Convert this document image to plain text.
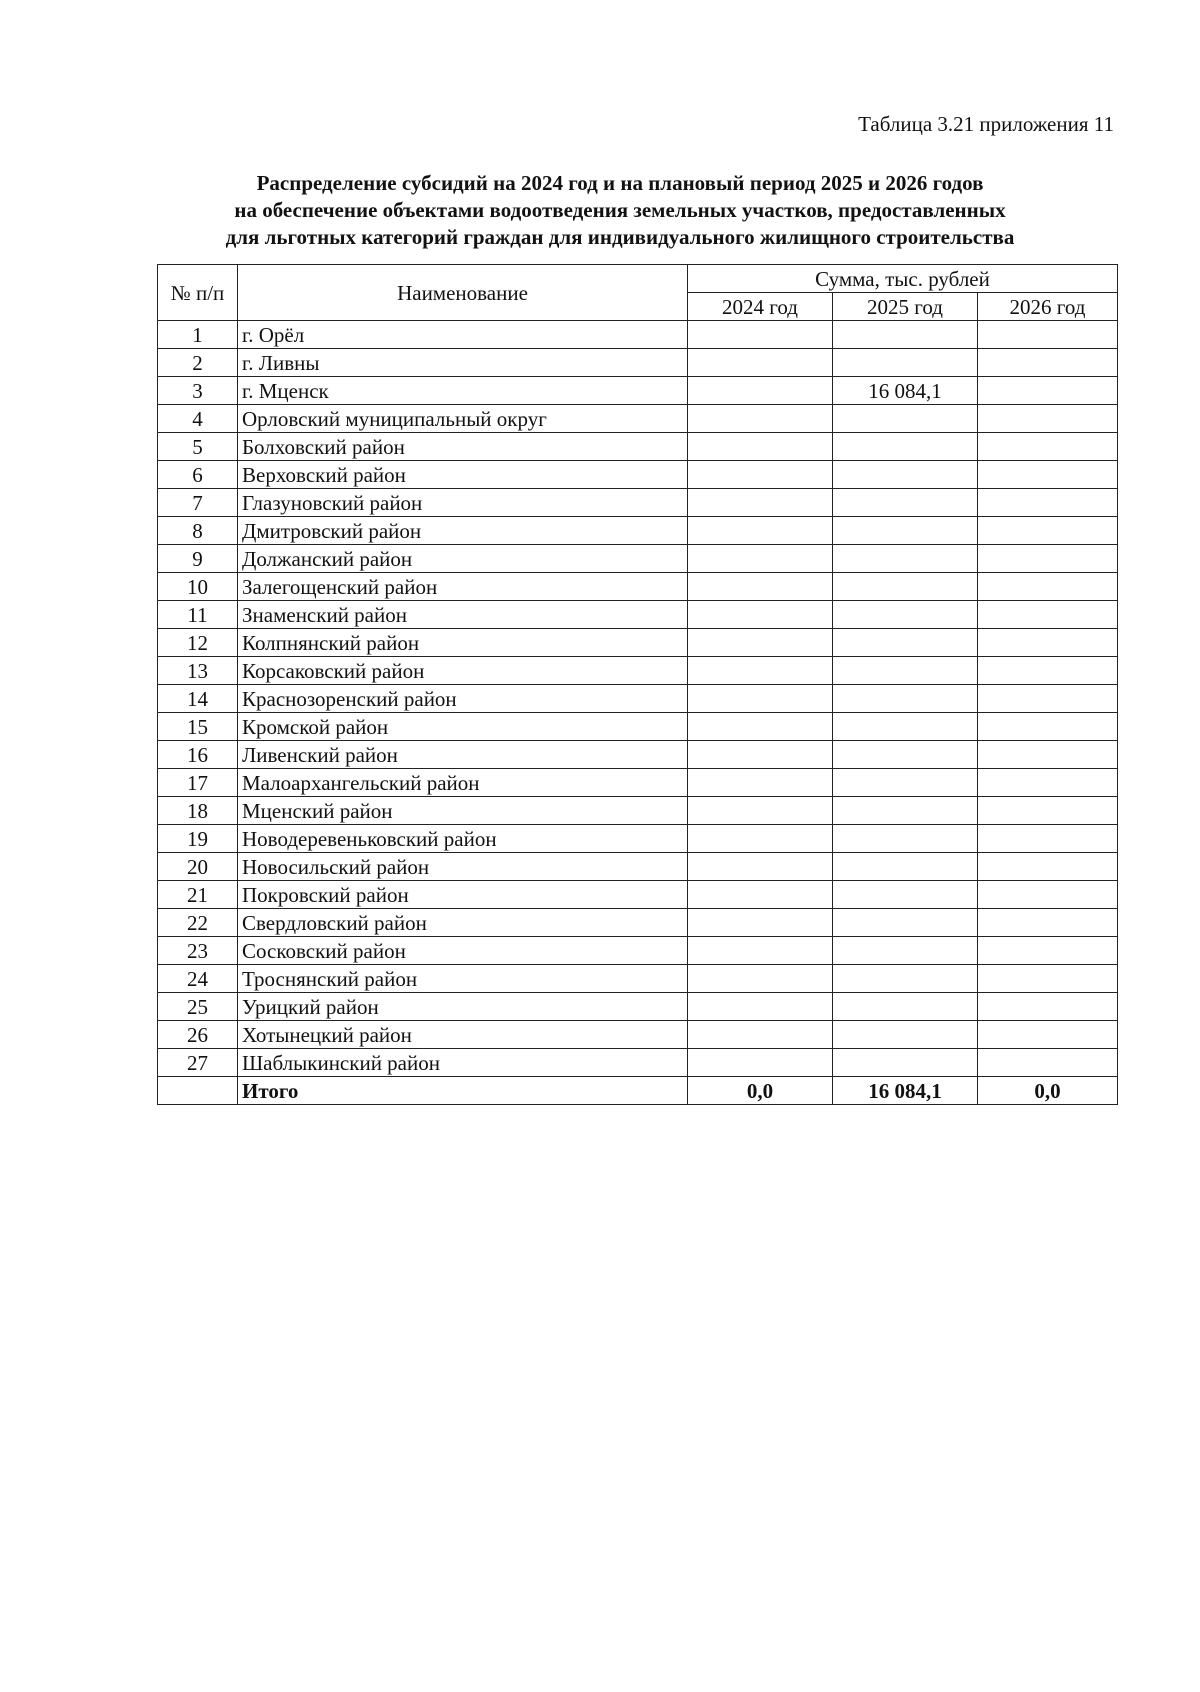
Таблица 3.21 приложения 11
Распределение субсидий на 2024 год и на плановый период 2025 и 2026 годов
на обеспечение объектами водоотведения земельных участков, предоставленных
для льготных категорий граждан для индивидуального жилищного строительства
№ п/п	Наименование	Сумма, тыс. рублей		
		2024 год	2025 год	2026 год
1	г. Орёл			
2	г. Ливны			
3	г. Мценск		16 084,1	
4	Орловский муниципальный округ			
5	Болховский район			
6	Верховский район			
7	Глазуновский район			
8	Дмитровский район			
9	Должанский район			
10	Залегощенский район			
11	Знаменский район			
12	Колпнянский район			
13	Корсаковский район			
14	Краснозоренский район			
15	Кромской район			
16	Ливенский район			
17	Малоархангельский район			
18	Мценский район			
19	Новодеревеньковский район			
20	Новосильский район			
21	Покровский район			
22	Свердловский район			
23	Сосковский район			
24	Троснянский район			
25	Урицкий район			
26	Хотынецкий район			
27	Шаблыкинский район			
	Итого	0,0	16 084,1	0,0
